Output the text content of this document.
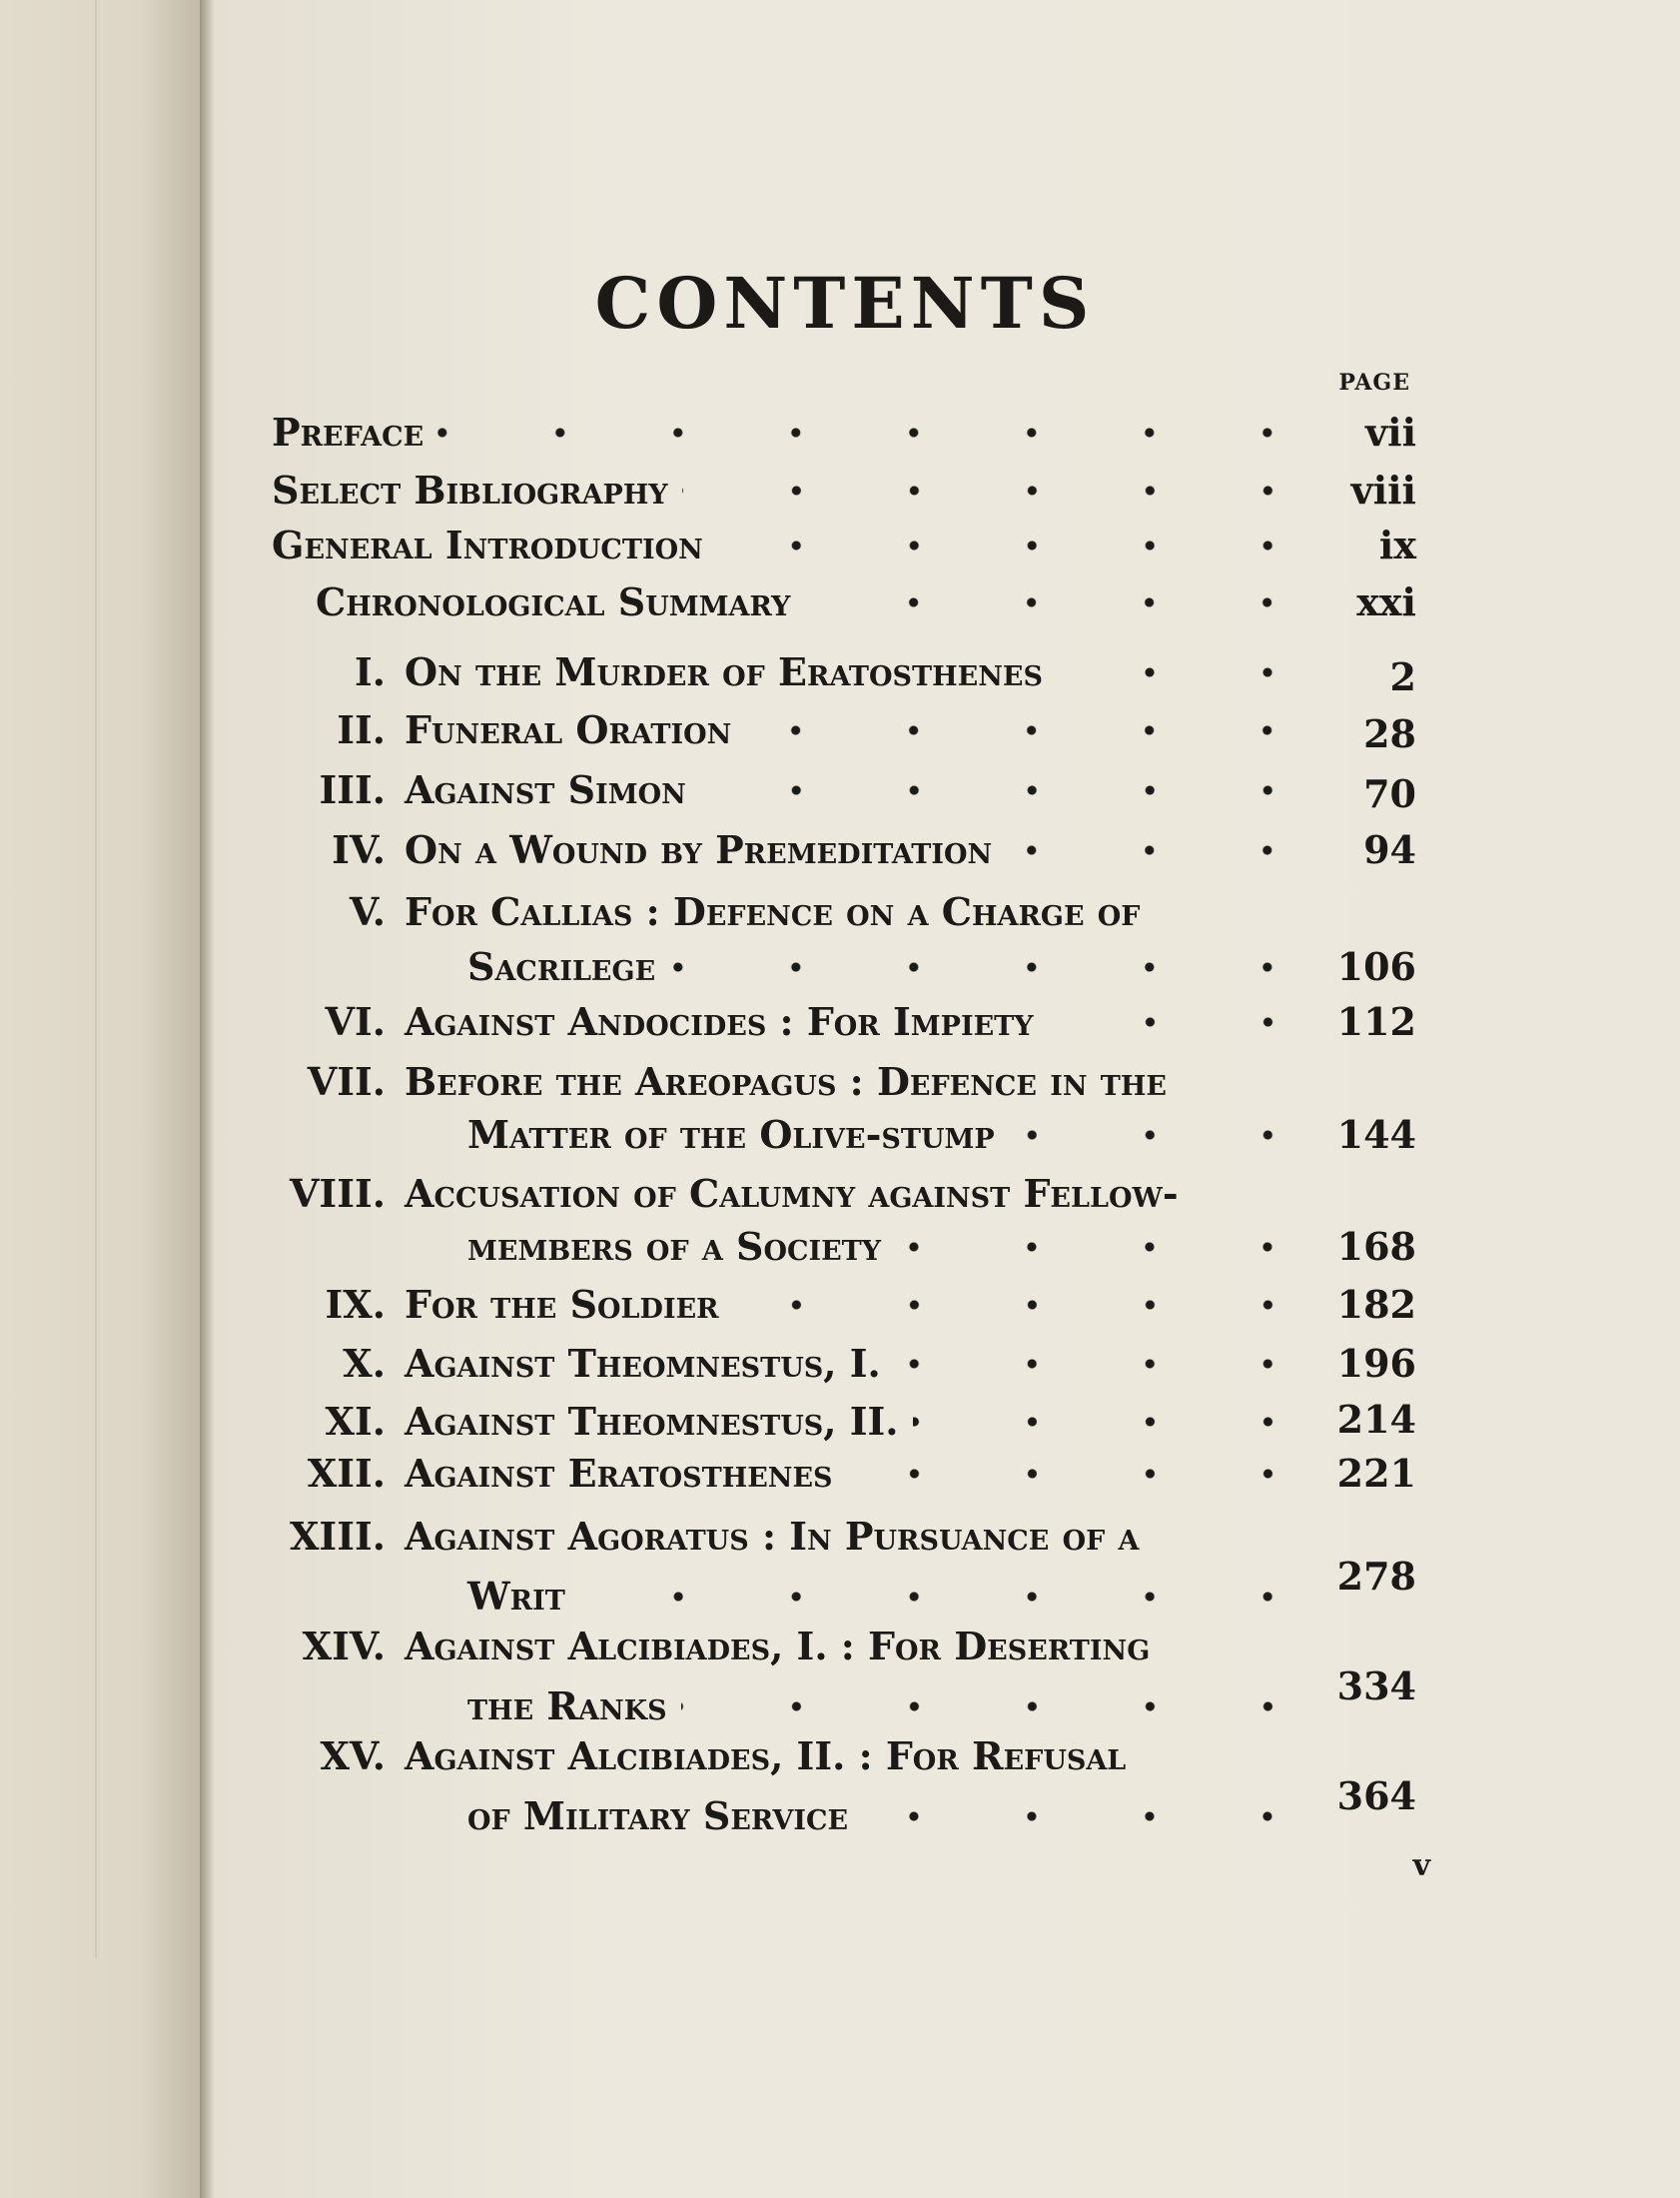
CONTENTS
PAGE
Preface	vii
Select Bibliography	viii
General Introduction	ix
Chronological Summary	xxi
I. On the Murder of Eratosthenes	2
II. Funeral Oration	28
III. Against Simon	70
IV. On a Wound by Premeditation	94
V. For Callias : Defence on a Charge of
Sacrilege	106
VI. Against Andocides : For Impiety	112
VII. Before the Areopagus : Defence in the
Matter of the Olive-stump	144
VIII. Accusation of Calumny against Fellow-
members of a Society	168
IX. For the Soldier	182
X. Against Theomnestus, I.	196
XI. Against Theomnestus, II.	214
XII. Against Eratosthenes	221
XIII. Against Agoratus : In Pursuance of a
Writ	278
XIV. Against Alcibiades, I. : For Deserting
the Ranks	334
XV. Against Alcibiades, II. : For Refusal
of Military Service	364
v
